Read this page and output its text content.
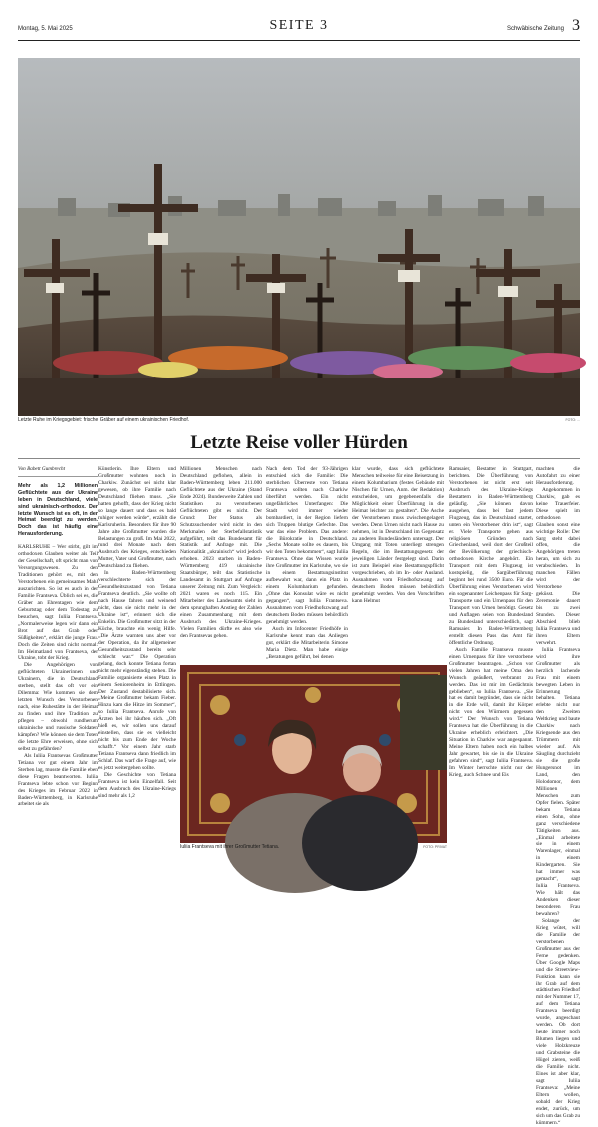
Montag, 5. Mai 2025	SEITE 3	Schwäbische Zeitung 3
Letzte Ruhe im Kriegsgebiet: frische Gräber auf einem ukrainischen Friedhof.	FOTO: ...
Letzte Reise voller Hürden
Von Babett Gumbrecht
Mehr als 1,2 Millionen Geflüchtete aus der Ukraine leben in Deutschland, viele sind ukrainisch-orthodox. Der letzte Wunsch ist es oft, in der Heimat beerdigt zu werden. Doch das ist häufig eine Herausforderung.

KARLSRUHE – Wer stirbt, gilt im orthodoxen Glauben weiter als Teil der Gesellschaft, oft spricht man von Versorgungswesen. Zu den Traditionen gehört es, mit den Verstorbenen ein gemeinsames Mahl auszurichten. So ist es auch in der Familie Frantseva. Üblich sei es, die Gräber an Ehrentagen wie dem Geburtstag oder dem Todestag zu besuchen, sagt Iuliia Frantseva. „Normalerweise legen wir dann ein Brot auf das Grab oder Süßigkeiten“, erklärt die junge Frau. Doch die Zeiten sind nicht normal: Im Heimatland von Frantseva, der Ukraine, tobt der Krieg.

Die Angehörigen von geflüchteten Ukrainerinnen und Ukrainern, die in Deutschland sterben, stellt das oft vor ein Dilemma: Wie kommen sie dem letzten Wunsch des Verstorbenen nach, eine Ruhestätte in der Heimat zu finden und ihre Tradition zu pflegen – obwohl rundherum ukrainische und russische Soldaten kämpfen? Wie können sie dem Toten die letzte Ehre erweisen, ohne sich selbst zu gefährden?

Als Iuliia Frantsevas Großmutter Tetiana vor gut einem Jahr im Sterben lag, musste die Familie eben diese Fragen beantworten. Iuliia Frantseva lebte schon vor Beginn des Krieges im Februar 2022 in Baden-Württemberg, in Karlsruhe arbeitet sie als

Künstlerin. Ihre Eltern und Großmutter wohnten noch in Charkiw. Zunächst sei nicht klar gewesen, ob ihre Familie nach Deutschland fliehen muss. „Sie hatten gehofft, dass der Krieg nicht so lange dauert und dass es bald ruhiger werden würde“, erzählt die Karlsruherin. Besonders für ihre 90 Jahre alte Großmutter wurden die Belastungen zu groß. Im Mai 2022, rund drei Monate nach dem Ausbruch des Krieges, entschieden Mutter, Vater und Großmutter, nach Deutschland zu fliehen.

In Baden-Württemberg verschlechterte sich der Gesundheitszustand von Tetiana Frantseva deutlich. „Sie wollte oft nach Hause fahren und weinend nicht, dass sie nicht mehr in der Ukraine ist“, erinnert sich die Enkelin. Die Großmutter sitzt in der Küche, brauchte ein wenig Hilfe. „Die Ärzte warnten uns aber vor der Operation, da ihr allgemeiner Gesundheitszustand bereits sehr schlecht war.“ Die Operation gelang, doch konnte Tetiana fortan nicht mehr eigenständig stehen. Die Familie organisierte einen Platz in einem Seniorenheim in Ettlingen. Der Zustand destabilisierte sich. „Meine Großmutter bekam Fieber. Hinzu kam die Hitze im Sommer“, so Iuliia Frantseva. Anrufe von Ärzten bei ihr häuften sich. „Oft hieß es, wir sollen uns darauf einstellen, dass sie es vielleicht nicht bis zum Ende der Woche schafft.“ Vor einem Jahr starb Tetiana Frantseva dann friedlich im Schlaf. Das warf die Frage auf, wie es jetzt weitergehen sollte.

Die Geschichte von Tetiana Frantseva ist kein Einzelfall. Seit dem Ausbruch des Ukraine-Kriegs sind mehr als 1,2

Millionen Menschen nach Deutschland geflohen, allein in Baden-Württemberg leben 211.000 Geflüchtete aus der Ukraine (Stand Ende 2024). Bundesweite Zahlen und Statistiken zu verstorbenen Geflüchteten gibt es nicht. Der Grund: Der Status als Schutzsuchender wird nicht in den Merkmalen der Sterbefallstatistik aufgeführt, teilt das Bundesamt für Statistik auf Anfrage mit. Die Nationalität „ukrainisch“ wird jedoch erhoben. 2023 starben in Baden-Württemberg 419 ukrainische Staatsbürger, teilt das Statistische Landesamt in Stuttgart auf Anfrage unserer Zeitung mit. Zum Vergleich: 2021 waren es noch 115. Ein Mitarbeiter des Landesamts sieht in dem sprunghaften Anstieg der Zahlen einen Zusammenhang mit dem Ausbruch des Ukraine-Krieges. Vielen Familien dürfte es also wie den Frantsevas gehen.

Nach dem Tod der 93-Jährigen entschied sich die Familie: Die sterblichen Überreste von Tetiana Frantseva sollten nach Charkiw überführt werden. Ein nicht ungefährliches Unterfangen: Die Stadt wird immer wieder bombardiert, in der Region liefern sich Truppen blutige Gefechte. Das war das eine Problem. Das andere: die Bürokratie in Deutschland. „Sechs Monate sollte es dauern, bis wir den Toten bekommen“, sagt Iuliia Frantseva. Ohne das Wissen wurde ihre Großmutter im Karlsruhe, wo sie in einem Bestattungsinstitut aufbewahrt war, dann ein Platz in einem Kolumbarium gefunden. „Ohne das Konsulat wäre es nicht gegangen“, sagt Iuliia Frantseva. Ausnahmen vom Friedhofszwang auf deutschem Boden müssen behördlich genehmigt werden.

Auch im Infocenter Friedhöfe in Karlsruhe kennt man das Anliegen gut, erklärt die Mitarbeiterin Simone Maria Dietz. Man habe einige „Beratungen geführt, bei denen

klar wurde, dass sich geflüchtete Menschen teilweise für eine Beisetzung in einem Kolumbarium (festes Gebäude mit Nischen für Urnen, Anm. der Redaktion) entscheiden, um gegebenenfalls die Möglichkeit einer Überführung in die Heimat leichter zu gestalten“. Die Asche der Verstorbenen muss zwischengelagert werden. Denn Urnen nicht nach Hause zu nehmen, ist in Deutschland im Gegensatz zu anderen Bundesländern untersagt. Der Umgang mit Toten unterliegt strengen Regeln, die im Bestattungsgesetz der jeweiligen Länder festgelegt sind. Darin ist zum Beispiel eine Bestattungspflicht vorgeschrieben, ob im In- oder Ausland. Ausnahmen vom Friedhofszwang auf deutschem Boden müssen behördlich genehmigt werden. Von den Vorschriften kann Helmut

Ramsaier, Bestatter in Stuttgart, berichten. Die Überführung von Verstorbenen ist nicht erst seit Ausbruch des Ukraine-Kriegs Bestattern in Baden-Württemberg geläufig. „Sie können davon ausgehen, dass bei fast jedem Flugzeug, das in Deutschland startet, unten ein Verstorbener drin ist“, sagt er. Viele Transporte gehen aus religiösen Gründen nach Griechenland, weil dort der Großteil der Bevölkerung der griechisch-orthodoxen Kirche angehört. Ein Transport mit dem Flugzeug ist kostspielig, die Sargüberführung beginnt bei rund 3500 Euro. Für die Überführung eines Verstorbenen wird ein sogenannter Leichenpass für Sarg-Transporte und ein Urnenpass für den Transport von Urnen benötigt. Gesetz und Auflagen seien von Bundesland zu Bundesland unterschiedlich, sagt Ramsaier. In Baden-Württemberg erstellt diesen Pass das Amt für öffentliche Ordnung.

Auch Familie Frantseva musste einen Urnenpass für ihre verstorbene Großmutter beantragen. „Schon vor vielen Jahren hat meine Oma den Wunsch geäußert, verbrannt zu werden. Das ist mir im Gedächtnis geblieben“, so Iuliia Frantseva. „Sie hat es damit begründet, dass sie nicht in die Erde will, damit ihr Körper nicht von den Würmern gegessen wird.“ Der Wunsch von Tetiana Frantseva hat die Überführung in die Ukraine erheblich erleichtert. „Die Situation in Charkiw war angespannt. Meine Eltern haben noch ein halbes Jahr gewartet, bis sie in die Ukraine gefahren sind“, sagt Iuliia Frantseva. Im Winter herrschte nicht nur der Krieg, auch Schnee und Eis

machten die Autofahrt zu einer Herausforderung.

Angekommen in Charkiw, gab es keine Trauerfeier. Diese spielt im orthodoxen Glauben sonst eine wichtige Rolle: Der Sarg steht dabei offen, die Angehörigen treten heran, um sich zu verabschieden. In manchen Fällen wird der Verstorbene geküsst. Die Zeremonie dauert bis zu zwei Stunden. Dieser Abschied blieb Iuliia Frantseva und ihren Eltern verwehrt.

Iuliia Frantseva wird ihre Großmutter als herzlich lachende Frau mit einem bewegten Leben in Erinnerung behalten. Tetiana erlebte nicht nur den Zweiten Weltkrieg und baute Charkiw nach Kriegsende aus den Trümmern mit wieder auf. Als Säugling durchzieht sie die große Hungersnot im Land, den Holodomor, dem Millionen Menschen zum Opfer fielen. Später bekam Tetiana einen Sohn, ohne ganz verschiedene Tätigkeiten aus. „Einmal arbeitete sie in einem Warenlager, einmal in einem Kindergarten. Sie hat immer was gemacht“, sagt Iuliia Frantseva. Wie hält das Andenken dieser besonderen Frau bewahren?

Solange der Krieg wütet, will die Familie der verstorbenen Großmutter aus der Ferne gedenken. Über Google Maps und die Streetview-Funktion kann sie ihr Grab auf dem städtischen Friedhof mit der Nummer 17, auf dem Tetiana Frantseva beerdigt wurde, angeschaut werden. Ob dort heute immer noch Blumen liegen und viele Holzkreuze und Grabsteine die Hügel zieren, weiß die Familie nicht. Eines ist aber klar, sagt Iuliia Frantseva: „Meine Eltern wollen, sobald der Krieg endet, zurück, um sich um das Grab zu kümmern.“

Iuliia Frantseva mit ihrer Großmutter Tetiana.	FOTO: PRIVAT
